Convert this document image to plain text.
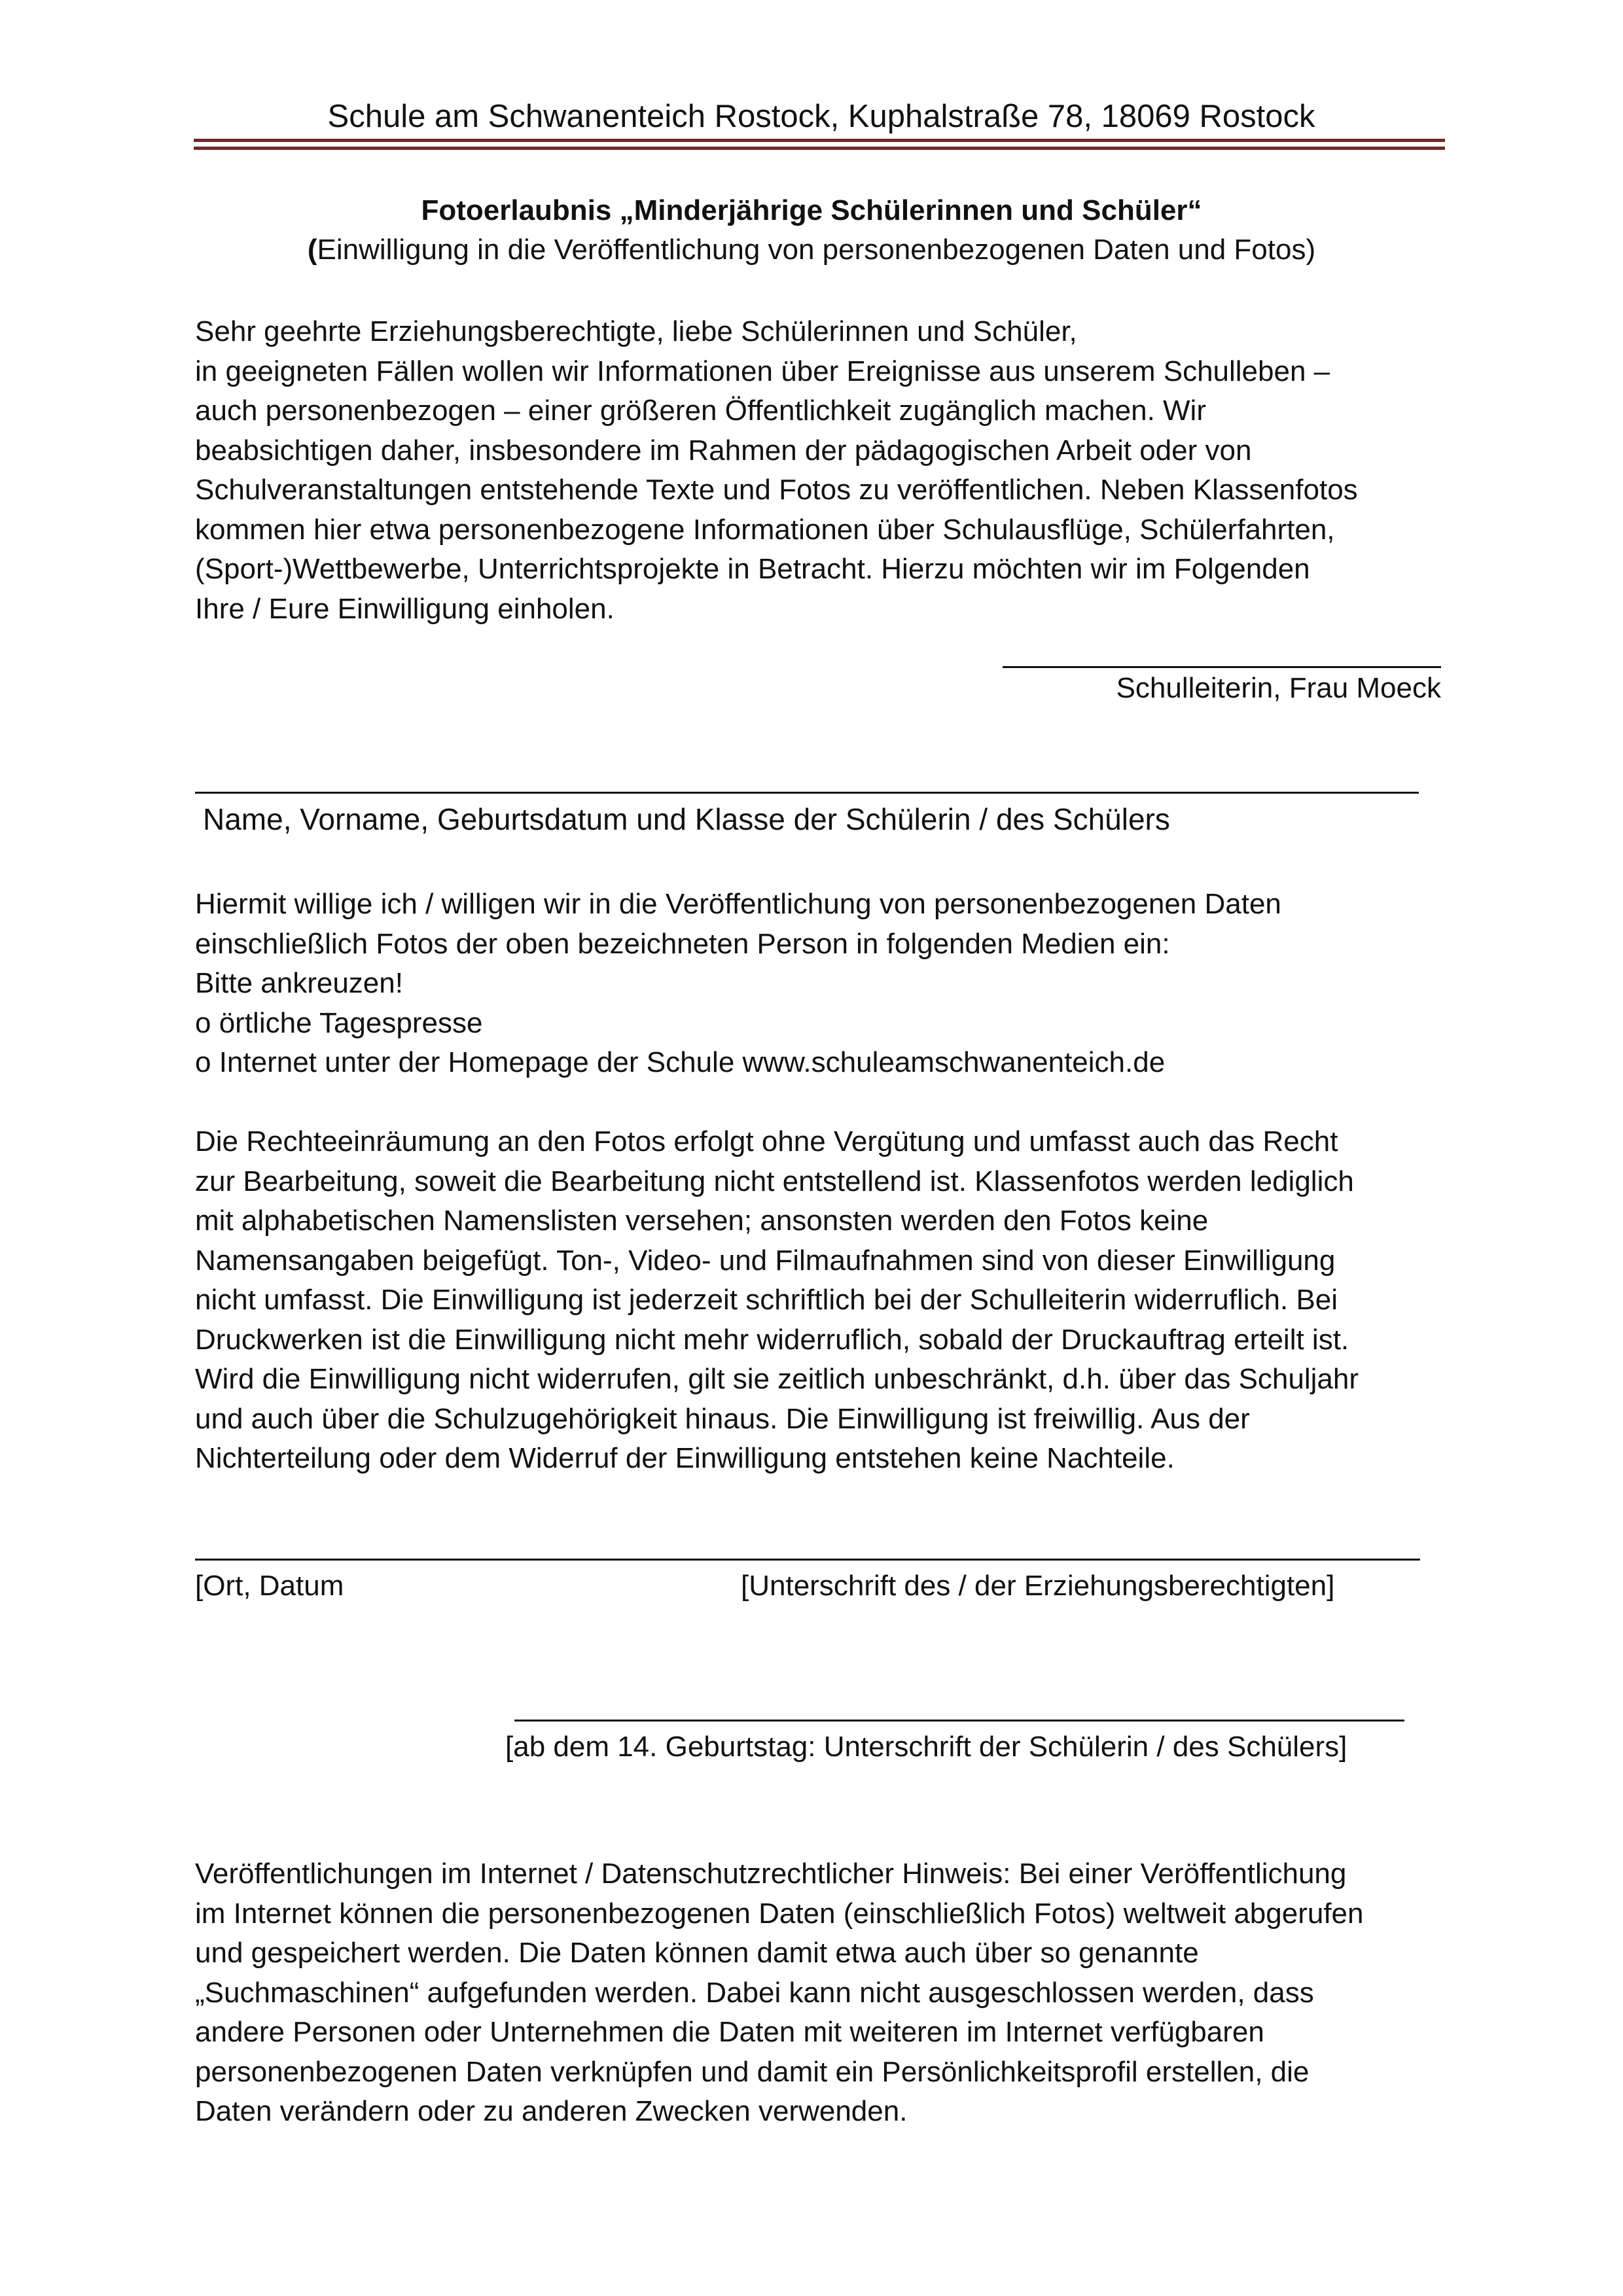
Schule am Schwanenteich Rostock, Kuphalstraße 78, 18069 Rostock
Fotoerlaubnis „Minderjährige Schülerinnen und Schüler“
(Einwilligung in die Veröffentlichung von personenbezogenen Daten und Fotos)
Sehr geehrte Erziehungsberechtigte, liebe Schülerinnen und Schüler,
in geeigneten Fällen wollen wir Informationen über Ereignisse aus unserem Schulleben –
auch personenbezogen – einer größeren Öffentlichkeit zugänglich machen. Wir
beabsichtigen daher, insbesondere im Rahmen der pädagogischen Arbeit oder von
Schulveranstaltungen entstehende Texte und Fotos zu veröffentlichen. Neben Klassenfotos
kommen hier etwa personenbezogene Informationen über Schulausflüge, Schülerfahrten,
(Sport-)Wettbewerbe, Unterrichtsprojekte in Betracht. Hierzu möchten wir im Folgenden
Ihre / Eure Einwilligung einholen.
Schulleiterin, Frau Moeck
Name, Vorname, Geburtsdatum und Klasse der Schülerin / des Schülers
Hiermit willige ich / willigen wir in die Veröffentlichung von personenbezogenen Daten
einschließlich Fotos der oben bezeichneten Person in folgenden Medien ein:
Bitte ankreuzen!
o örtliche Tagespresse
o Internet unter der Homepage der Schule www.schuleamschwanenteich.de
Die Rechteeinräumung an den Fotos erfolgt ohne Vergütung und umfasst auch das Recht
zur Bearbeitung, soweit die Bearbeitung nicht entstellend ist. Klassenfotos werden lediglich
mit alphabetischen Namenslisten versehen; ansonsten werden den Fotos keine
Namensangaben beigefügt. Ton-, Video- und Filmaufnahmen sind von dieser Einwilligung
nicht umfasst. Die Einwilligung ist jederzeit schriftlich bei der Schulleiterin widerruflich. Bei
Druckwerken ist die Einwilligung nicht mehr widerruflich, sobald der Druckauftrag erteilt ist.
Wird die Einwilligung nicht widerrufen, gilt sie zeitlich unbeschränkt, d.h. über das Schuljahr
und auch über die Schulzugehörigkeit hinaus. Die Einwilligung ist freiwillig. Aus der
Nichterteilung oder dem Widerruf der Einwilligung entstehen keine Nachteile.
[Ort, Datum	[Unterschrift des / der Erziehungsberechtigten]
[ab dem 14. Geburtstag: Unterschrift der Schülerin / des Schülers]
Veröffentlichungen im Internet / Datenschutzrechtlicher Hinweis: Bei einer Veröffentlichung
im Internet können die personenbezogenen Daten (einschließlich Fotos) weltweit abgerufen
und gespeichert werden. Die Daten können damit etwa auch über so genannte
„Suchmaschinen“ aufgefunden werden. Dabei kann nicht ausgeschlossen werden, dass
andere Personen oder Unternehmen die Daten mit weiteren im Internet verfügbaren
personenbezogenen Daten verknüpfen und damit ein Persönlichkeitsprofil erstellen, die
Daten verändern oder zu anderen Zwecken verwenden.
